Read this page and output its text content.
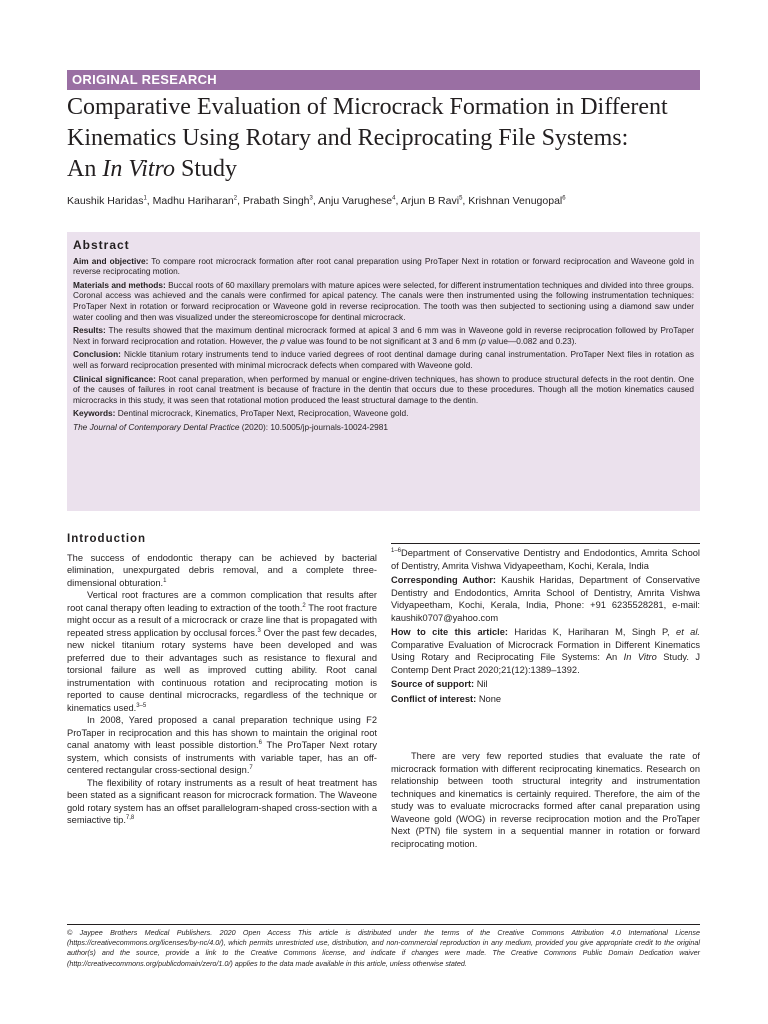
ORIGINAL RESEARCH
Comparative Evaluation of Microcrack Formation in Different
Kinematics Using Rotary and Reciprocating File Systems:
An In Vitro Study
Kaushik Haridas$^1$, Madhu Hariharan$^2$, Prabath Singh$^3$, Anju Varughese$^4$, Arjun B Ravi$^5$, Krishnan Venugopal$^6$
Abstract

Aim and objective: To compare root microcrack formation after root canal preparation using ProTaper Next in rotation or forward reciprocation and Waveone gold in reverse reciprocating motion.

Materials and methods: Buccal roots of 60 maxillary premolars with mature apices were selected, for different instrumentation techniques and divided into three groups. Coronal access was achieved and the canals were confirmed for apical patency. The canals were then instrumented using the following instrumentation techniques: ProTaper Next in rotation or forward reciprocation or Waveone gold in reverse reciprocation. The tooth was then subjected to sectioning using a diamond saw under water cooling and then was visualized under the stereomicroscope for dentinal microcrack.

Results: The results showed that the maximum dentinal microcrack formed at apical 3 and 6 mm was in Waveone gold in reverse reciprocation followed by ProTaper Next in forward reciprocation and rotation. However, the p value was found to be not significant at 3 and 6 mm (p value—0.082 and 0.23).

Conclusion: Nickle titanium rotary instruments tend to induce varied degrees of root dentinal damage during canal instrumentation. ProTaper Next files in rotation as well as forward reciprocation presented with minimal microcrack defects when compared with Waveone gold.

Clinical significance: Root canal preparation, when performed by manual or engine-driven techniques, has shown to produce structural defects in the root dentin. One of the causes of failures in root canal treatment is because of fracture in the dentin that occurs due to these procedures. Though all the motion kinematics caused microcracks in this study, it was seen that rotational motion produced the least structural damage to the dentin.

Keywords: Dentinal microcrack, Kinematics, ProTaper Next, Reciprocation, Waveone gold.

The Journal of Contemporary Dental Practice (2020): 10.5005/jp-journals-10024-2981

Introduction

The success of endodontic therapy can be achieved by bacterial elimination, unexpurgated debris removal, and a complete three-dimensional obturation.$^1$

Vertical root fractures are a common complication that results after root canal therapy often leading to extraction of the tooth.$^2$ The root fracture might occur as a result of a microcrack or craze line that is propagated with repeated stress application by occlusal forces.$^3$ Over the past few decades, new nickel titanium rotary systems have been developed and was preferred due to their advantages such as resistance to flexural and torsional failure as well as improved cutting ability. Root canal instrumentation with continuous rotation and reciprocating motion is reported to cause dentinal microcracks, regardless of the technique or kinematics used.$^{3-5}$

In 2008, Yared proposed a canal preparation technique using F2 ProTaper in reciprocation and this has shown to maintain the original root canal anatomy with least possible distortion.$^6$ The ProTaper Next rotary system, which consists of instruments with variable taper, has an off-centered rectangular cross-sectional design.$^7$

The flexibility of rotary instruments as a result of heat treatment has been stated as a significant reason for microcrack formation. The Waveone gold rotary system has an offset parallelogram-shaped cross-section with a semiactive tip.$^{7,8}$

$^{1-6}$Department of Conservative Dentistry and Endodontics, Amrita School of Dentistry, Amrita Vishwa Vidyapeetham, Kochi, Kerala, India

Corresponding Author: Kaushik Haridas, Department of Conservative Dentistry and Endodontics, Amrita School of Dentistry, Amrita Vishwa Vidyapeetham, Kochi, Kerala, India, Phone: +91 6235528281, e-mail: kaushik0707@yahoo.com

How to cite this article: Haridas K, Hariharan M, Singh P, et al. Comparative Evaluation of Microcrack Formation in Different Kinematics Using Rotary and Reciprocating File Systems: An In Vitro Study. J Contemp Dent Pract 2020;21(12):1389–1392.

Source of support: Nil

Conflict of interest: None

There are very few reported studies that evaluate the rate of microcrack formation with different reciprocating kinematics. Research on relationship between tooth structural integrity and instrumentation techniques and kinematics is certainly required. Therefore, the aim of the study was to evaluate microcracks formed after canal preparation using Waveone gold (WOG) in reverse reciprocation motion and the ProTaper Next (PTN) file system in a sequential manner in rotation or forward reciprocating motion.
© Jaypee Brothers Medical Publishers. 2020 Open Access This article is distributed under the terms of the Creative Commons Attribution 4.0 International License (https://creativecommons.org/licenses/by-nc/4.0/), which permits unrestricted use, distribution, and non-commercial reproduction in any medium, provided you give appropriate credit to the original author(s) and the source, provide a link to the Creative Commons license, and indicate if changes were made. The Creative Commons Public Domain Dedication waiver (http://creativecommons.org/publicdomain/zero/1.0/) applies to the data made available in this article, unless otherwise stated.
